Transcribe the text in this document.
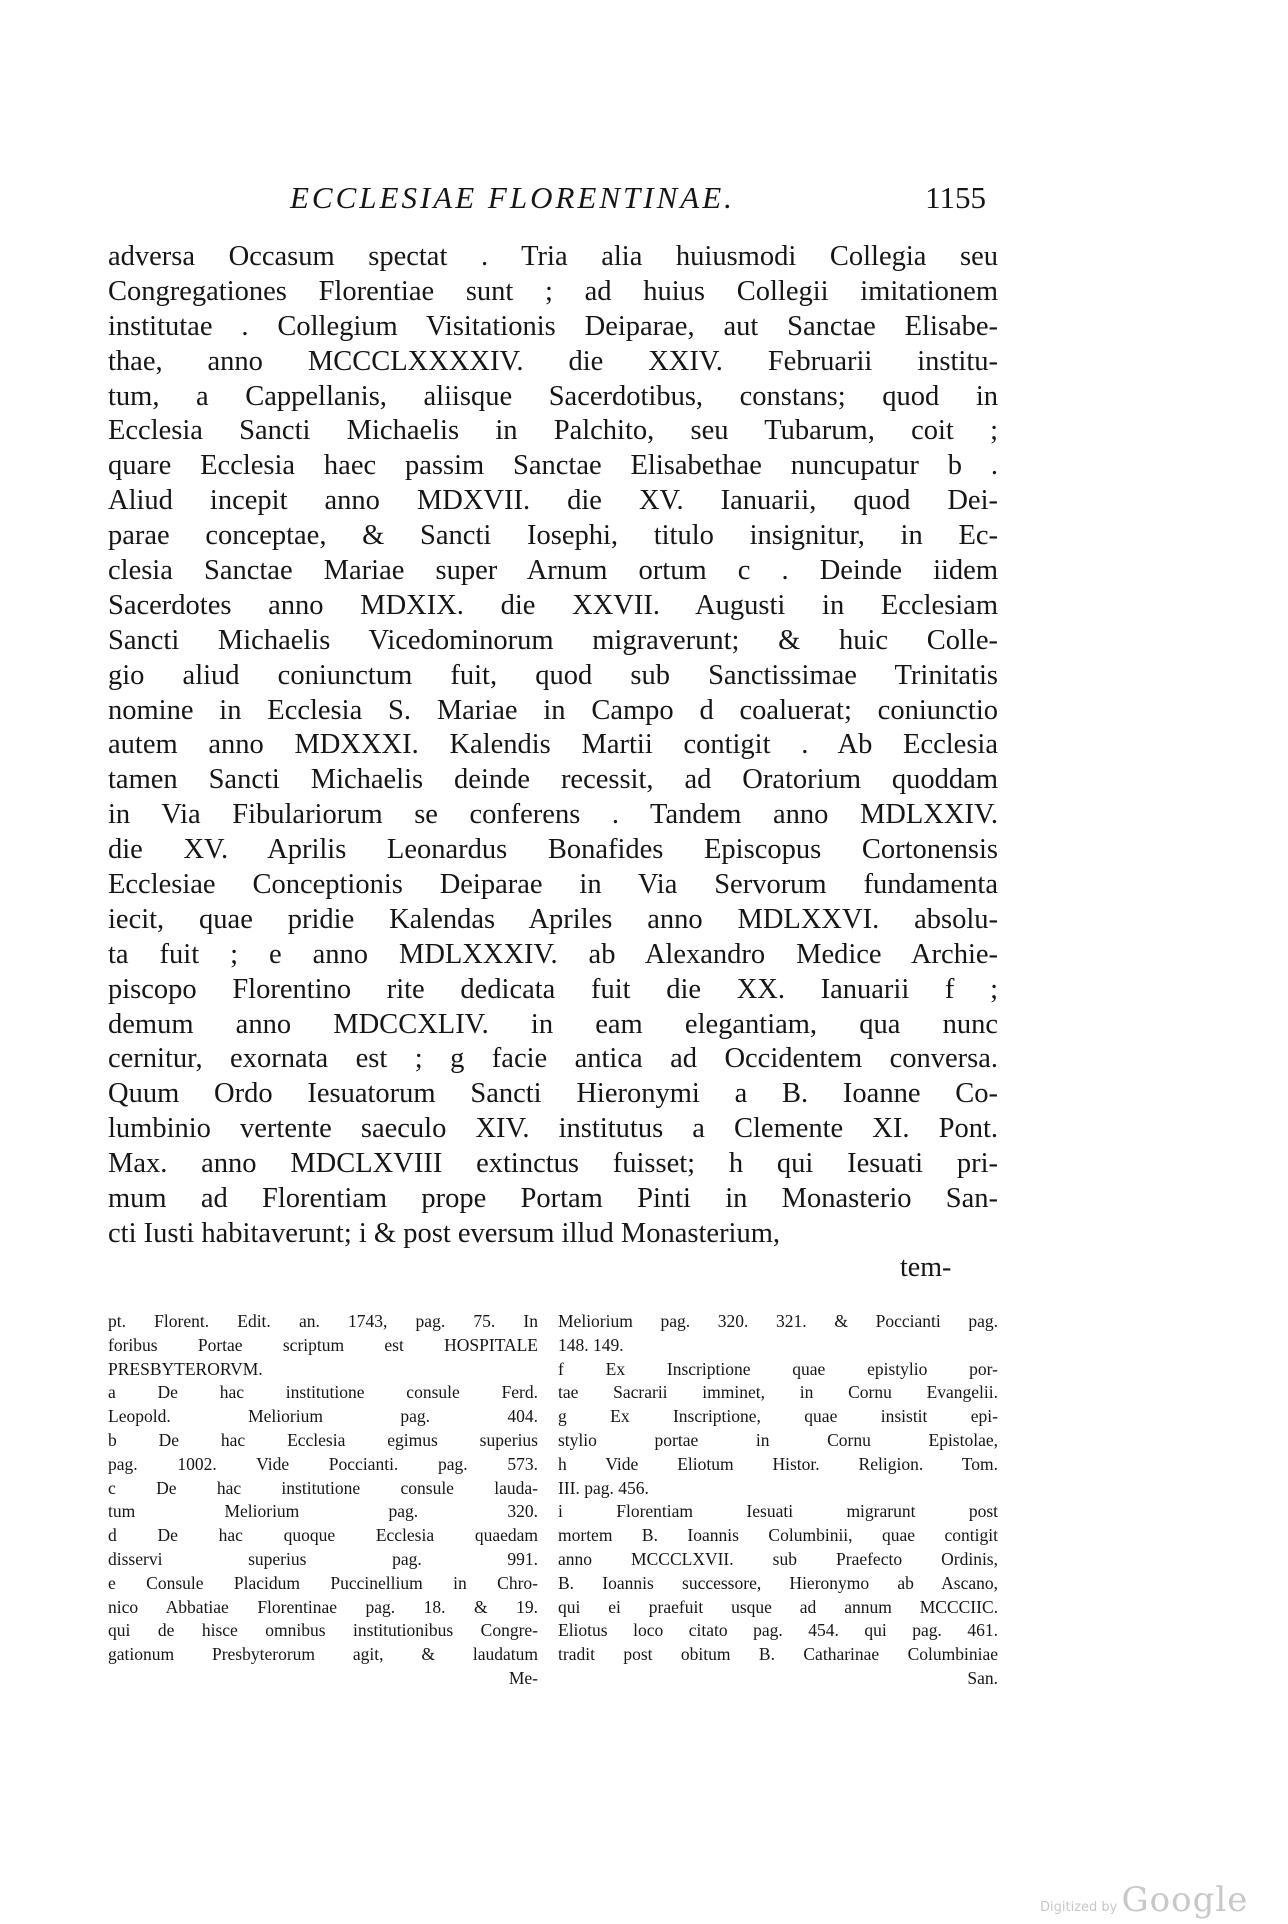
ECCLESIAE FLORENTINAE.	1155
adversa Occasum spectat . Tria alia huiusmodi Collegia seu
Congregationes Florentiae sunt ; ad huius Collegii imitationem
institutae . Collegium Visitationis Deiparae, aut Sanctae Elisabe-
thae, anno MCCCLXXXXIV. die XXIV. Februarii institu-
tum, a Cappellanis, aliisque Sacerdotibus, constans; quod in
Ecclesia Sancti Michaelis in Palchito, seu Tubarum, coit ;
quare Ecclesia haec passim Sanctae Elisabethae nuncupatur b .
Aliud incepit anno MDXVII. die XV. Ianuarii, quod Dei-
parae conceptae, & Sancti Iosephi, titulo insignitur, in Ec-
clesia Sanctae Mariae super Arnum ortum c . Deinde iidem
Sacerdotes anno MDXIX. die XXVII. Augusti in Ecclesiam
Sancti Michaelis Vicedominorum migraverunt; & huic Colle-
gio aliud coniunctum fuit, quod sub Sanctissimae Trinitatis
nomine in Ecclesia S. Mariae in Campo d coaluerat; coniunctio
autem anno MDXXXI. Kalendis Martii contigit . Ab Ecclesia
tamen Sancti Michaelis deinde recessit, ad Oratorium quoddam
in Via Fibulariorum se conferens . Tandem anno MDLXXIV.
die XV. Aprilis Leonardus Bonafides Episcopus Cortonensis
Ecclesiae Conceptionis Deiparae in Via Servorum fundamenta
iecit, quae pridie Kalendas Apriles anno MDLXXVI. absolu-
ta fuit ; e anno MDLXXXIV. ab Alexandro Medice Archie-
piscopo Florentino rite dedicata fuit die XX. Ianuarii f ;
demum anno MDCCXLIV. in eam elegantiam, qua nunc
cernitur, exornata est ; g facie antica ad Occidentem conversa.
Quum Ordo Iesuatorum Sancti Hieronymi a B. Ioanne Co-
lumbinio vertente saeculo XIV. institutus a Clemente XI. Pont.
Max. anno MDCLXVIII extinctus fuisset; h qui Iesuati pri-
mum ad Florentiam prope Portam Pinti in Monasterio San-
cti Iusti habitaverunt; i & post eversum illud Monasterium,
tem-
pt. Florent. Edit. an. 1743, pag. 75. In
foribus Portae scriptum est HOSPITALE
PRESBYTERORVM.
a De hac institutione consule Ferd.
Leopold. Meliorium pag. 404.
b De hac Ecclesia egimus superius
pag. 1002. Vide Poccianti. pag. 573.
c De hac institutione consule lauda-
tum Meliorium pag. 320.
d De hac quoque Ecclesia quaedam
disservi superius pag. 991.
e Consule Placidum Puccinellium in Chro-
nico Abbatiae Florentinae pag. 18. & 19.
qui de hisce omnibus institutionibus Congre-
gationum Presbyterorum agit, & laudatum
Me-
Meliorium pag. 320. 321. & Poccianti pag.
148. 149.
f Ex Inscriptione quae epistylio por-
tae Sacrarii imminet, in Cornu Evangelii.
g Ex Inscriptione, quae insistit epi-
stylio portae in Cornu Epistolae,
h Vide Eliotum Histor. Religion. Tom.
III. pag. 456.
i Florentiam Iesuati migrarunt post
mortem B. Ioannis Columbinii, quae contigit
anno MCCCLXVII. sub Praefecto Ordinis,
B. Ioannis successore, Hieronymo ab Ascano,
qui ei praefuit usque ad annum MCCCIIC.
Eliotus loco citato pag. 454. qui pag. 461.
tradit post obitum B. Catharinae Columbiniae
San.
Digitized by Google
